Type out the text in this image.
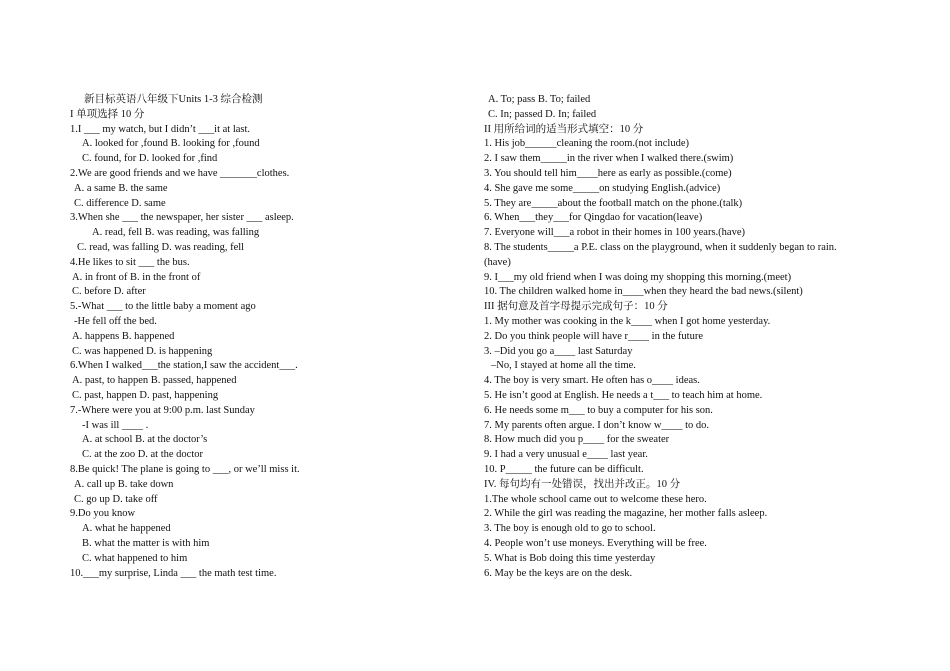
新目标英语八年级下Units 1-3 综合检测
I 单项选择 10 分
1.I ___ my watch, but I didn’t ___it at last.
A. looked for ,found B. looking for ,found
C. found, for D. looked for ,find
2.We are good friends and we have _______clothes.
A. a same B. the same
C. difference D. same
3.When she ___ the newspaper, her sister ___ asleep.
A. read, fell B. was reading, was falling
C. read, was falling D. was reading, fell
4.He likes to sit ___ the bus.
A. in front of B. in the front of
C. before D. after
5.-What ___ to the little baby a moment ago
-He fell off the bed.
A. happens B. happened
C. was happened D. is happening
6.When I walked___the station,I saw the accident___.
A. past, to happen B. passed, happened
C. past, happen D. past, happening
7.-Where were you at 9:00 p.m. last Sunday
-I was ill ____ .
A. at school B. at the doctor’s
C. at the zoo D. at the doctor
8.Be quick! The plane is going to ___, or we’ll miss it.
A. call up B. take down
C. go up D. take off
9.Do you know
A. what he happened
B. what the matter is with him
C. what happened to him
10.___my surprise, Linda ___ the math test time.
A. To; pass B. To; failed
C. In; passed D. In; failed
II 用所给词的适当形式填空：10 分
1. His job______cleaning the room.(not include)
2. I saw them_____in the river when I walked there.(swim)
3. You should tell him____here as early as possible.(come)
4. She gave me some_____on studying English.(advice)
5. They are_____about the football match on the phone.(talk)
6. When___they___for Qingdao for vacation(leave)
7. Everyone will___a robot in their homes in 100 years.(have)
8. The students_____a P.E. class on the playground, when it suddenly began to rain.
(have)
9. I___my old friend when I was doing my shopping this morning.(meet)
10. The children walked home in____when they heard the bad news.(silent)
III 据句意及首字母提示完成句子：10 分
1. My mother was cooking in the k____ when I got home yesterday.
2. Do you think people will have r____ in the future
3. –Did you go a____ last Saturday
–No, I stayed at home all the time.
4. The boy is very smart. He often has o____ ideas.
5. He isn’t good at English. He needs a t___ to teach him at home.
6. He needs some m___ to buy a computer for his son.
7. My parents often argue. I don’t know w____ to do.
8. How much did you p____ for the sweater
9. I had a very unusual e____ last year.
10. P_____ the future can be difficult.
IV. 每句均有一处错误，找出并改正。10 分
1.The whole school came out to welcome these hero.
2. While the girl was reading the magazine, her mother falls asleep.
3. The boy is enough old to go to school.
4. People won’t use moneys. Everything will be free.
5. What is Bob doing this time yesterday
6. May be the keys are on the desk.
